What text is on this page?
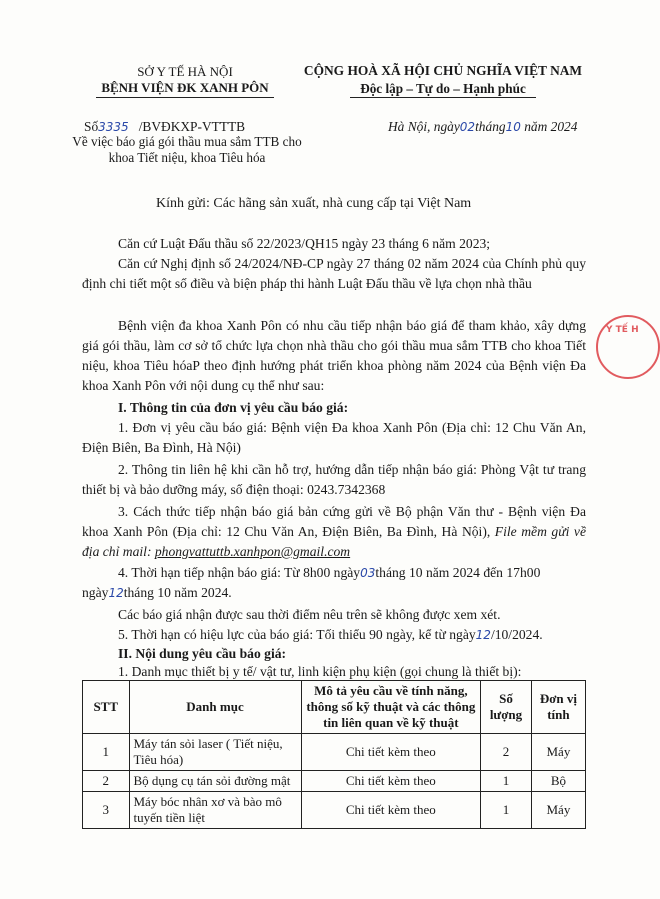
SỞ Y TẾ HÀ NỘI
BỆNH VIỆN ĐK XANH PÔN
CỘNG HOÀ XÃ HỘI CHỦ NGHĨA VIỆT NAM
Độc lập – Tự do – Hạnh phúc
Số3335 /BVĐKXP-VTTTB
Về việc báo giá gói thầu mua sắm TTB cho
khoa Tiết niệu, khoa Tiêu hóa
Hà Nội, ngày02tháng10 năm 2024
Kính gửi: Các hãng sản xuất, nhà cung cấp tại Việt Nam
Căn cứ Luật Đấu thầu số 22/2023/QH15 ngày 23 tháng 6 năm 2023;
Căn cứ Nghị định số 24/2024/NĐ-CP ngày 27 tháng 02 năm 2024 của Chính phủ quy định chi tiết một số điều và biện pháp thi hành Luật Đấu thầu về lựa chọn nhà thầu
Bệnh viện đa khoa Xanh Pôn có nhu cầu tiếp nhận báo giá để tham khảo, xây dựng giá gói thầu, làm cơ sở tổ chức lựa chọn nhà thầu cho gói thầu mua sắm TTB cho khoa Tiết niệu, khoa Tiêu hóaP theo định hướng phát triển khoa phòng năm 2024 của Bệnh viện Đa khoa Xanh Pôn với nội dung cụ thể như sau:
I. Thông tin của đơn vị yêu cầu báo giá:
1. Đơn vị yêu cầu báo giá: Bệnh viện Đa khoa Xanh Pôn (Địa chỉ: 12 Chu Văn An, Điện Biên, Ba Đình, Hà Nội)
2. Thông tin liên hệ khi cần hỗ trợ, hướng dẫn tiếp nhận báo giá: Phòng Vật tư trang thiết bị và bảo dưỡng máy, số điện thoại: 0243.7342368
3. Cách thức tiếp nhận báo giá bản cứng gửi về Bộ phận Văn thư - Bệnh viện Đa khoa Xanh Pôn (Địa chỉ: 12 Chu Văn An, Điện Biên, Ba Đình, Hà Nội), File mềm gửi về địa chỉ mail: phongvattuttb.xanhpon@gmail.com
4. Thời hạn tiếp nhận báo giá: Từ 8h00 ngày03tháng 10 năm 2024 đến 17h00
ngày12tháng 10 năm 2024.
Các báo giá nhận được sau thời điểm nêu trên sẽ không được xem xét.
STT	Danh mục	Mô tả yêu cầu về tính năng, thông số kỹ thuật và các thông tin liên quan về kỹ thuật	Số lượng	Đơn vị tính
1	Máy tán sỏi laser ( Tiết niệu, Tiêu hóa)	Chi tiết kèm theo	2	Máy
2	Bộ dụng cụ tán sỏi đường mật	Chi tiết kèm theo	1	Bộ
3	Máy bóc nhân xơ và bào mô tuyến tiền liệt	Chi tiết kèm theo	1	Máy
5. Thời hạn có hiệu lực của báo giá: Tối thiểu 90 ngày, kể từ ngày12/10/2024.
II. Nội dung yêu cầu báo giá:
1. Danh mục thiết bị y tế/ vật tư, linh kiện phụ kiện (gọi chung là thiết bị):
Y TẾ H
